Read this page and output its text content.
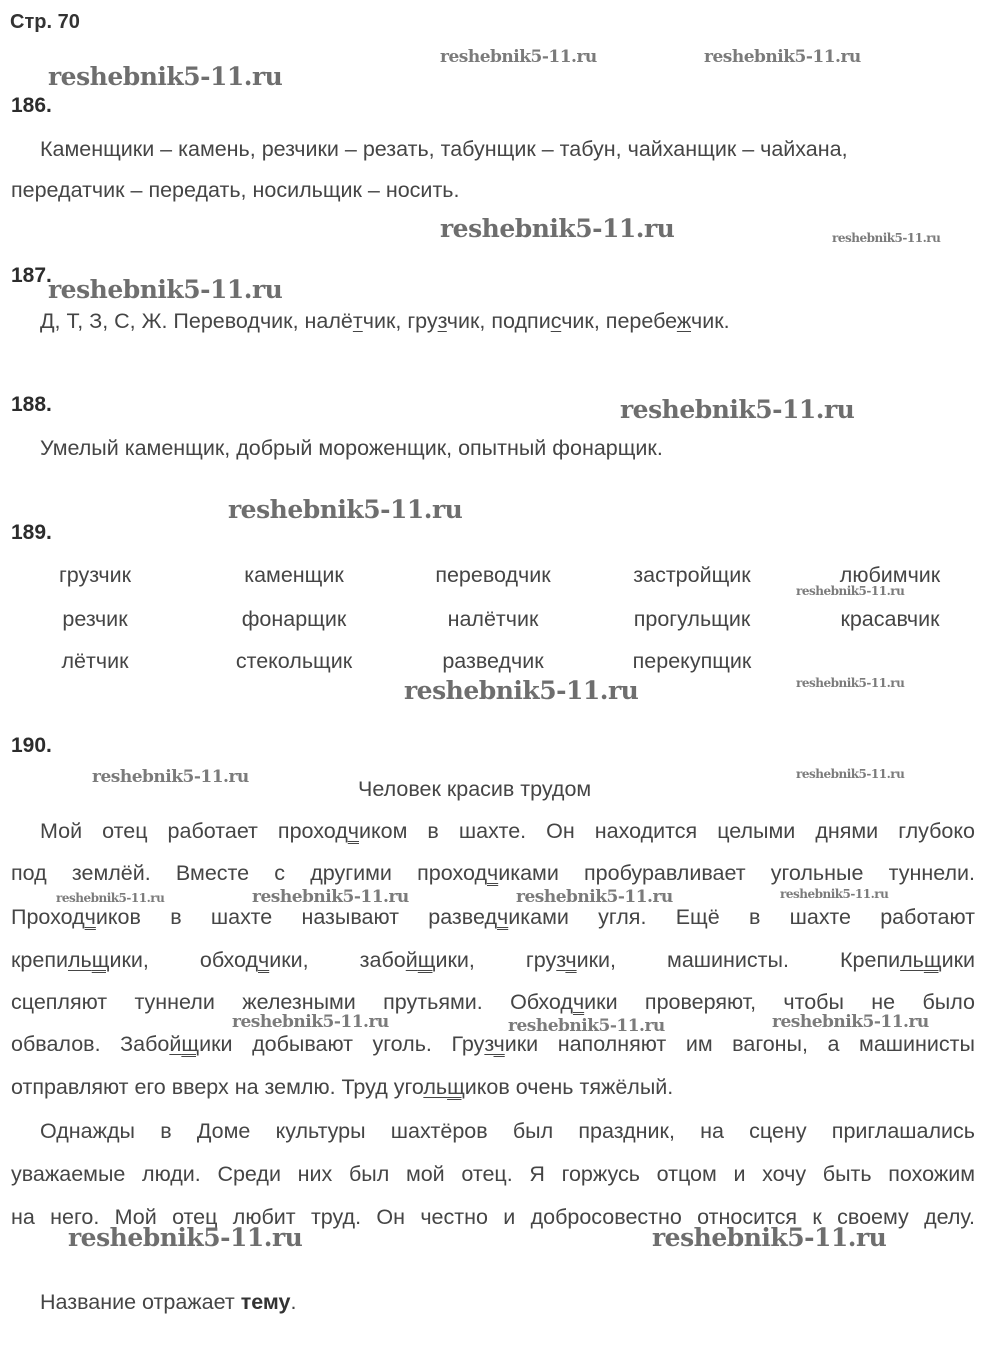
Стр. 70
186.
Каменщики – камень, резчики – резать, табунщик – табун, чайханщик – чайхана,
передатчик – передать, носильщик – носить.
187.
Д, Т, З, С, Ж. Переводчик, налётчик, грузчик, подписчик, перебежчик.
188.
Умелый каменщик, добрый мороженщик, опытный фонарщик.
189.
грузчик	каменщик	переводчик	застройщик	любимчик
резчик	фонарщик	налётчик	прогульщик	красавчик
лётчик	стекольщик	разведчик	перекупщик
190.
Человек красив трудом
Мой отец работает проходчиком в шахте. Он находится целыми днями глубоко
под землёй. Вместе с другими проходчиками пробуравливает угольные туннели.
Проходчиков в шахте называют разведчиками угля. Ещё в шахте работают
крепильщики, обходчики, забойщики, грузчики, машинисты. Крепильщики
сцепляют туннели железными прутьями. Обходчики проверяют, чтобы не было
обвалов. Забойщики добывают уголь. Грузчики наполняют им вагоны, а машинисты
отправляют его вверх на землю. Труд угольщиков очень тяжёлый.
Однажды в Доме культуры шахтёров был праздник, на сцену приглашались
уважаемые люди. Среди них был мой отец. Я горжусь отцом и хочу быть похожим
на него. Мой отец любит труд. Он честно и добросовестно относится к своему делу.
Название отражает тему.
reshebnik5-11.ru
reshebnik5-11.ru	reshebnik5-11.ru
reshebnik5-11.ru	reshebnik5-11.ru
reshebnik5-11.ru
reshebnik5-11.ru
reshebnik5-11.ru
reshebnik5-11.ru
reshebnik5-11.ru	reshebnik5-11.ru
reshebnik5-11.ru	reshebnik5-11.ru
reshebnik5-11.ru	reshebnik5-11.ru	reshebnik5-11.ru	reshebnik5-11.ru
reshebnik5-11.ru	reshebnik5-11.ru	reshebnik5-11.ru
reshebnik5-11.ru	reshebnik5-11.ru
